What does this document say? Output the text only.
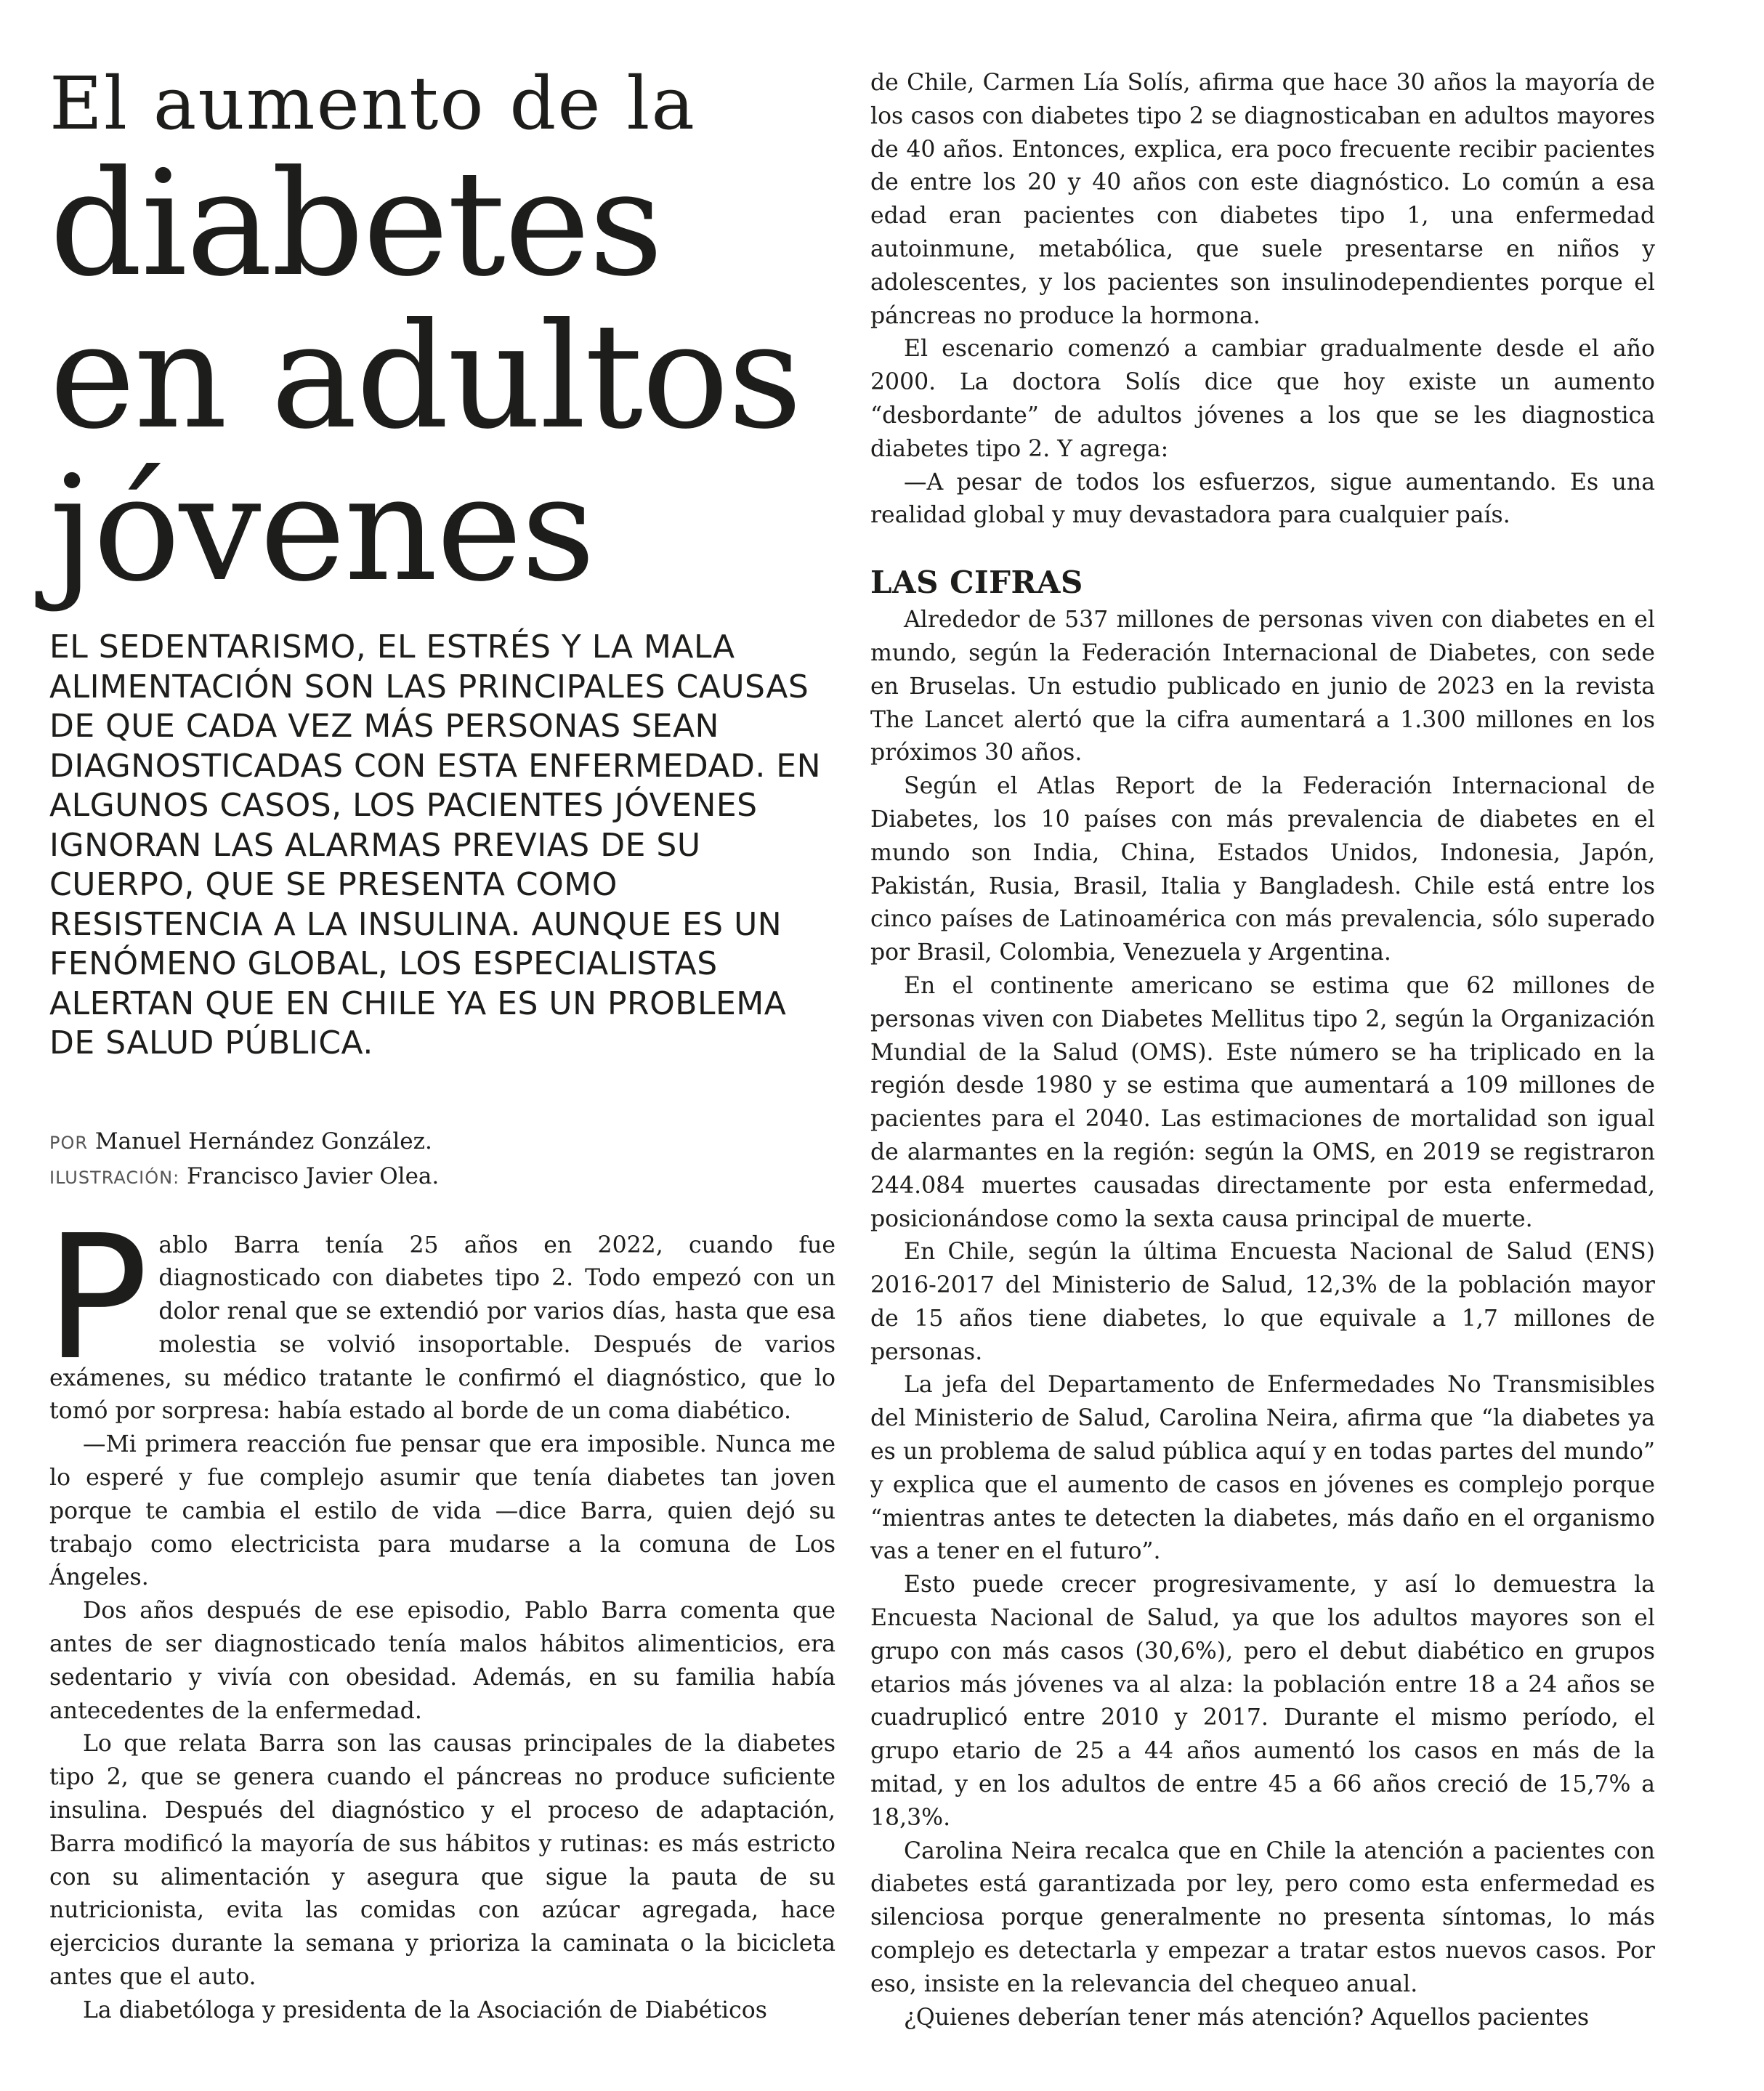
El aumento de la
diabetes
en adultos
jóvenes

EL SEDENTARISMO, EL ESTRÉS Y LA MALA ALIMENTACIÓN SON LAS PRINCIPALES CAUSAS DE QUE CADA VEZ MÁS PERSONAS SEAN DIAGNOSTICADAS CON ESTA ENFERMEDAD. EN ALGUNOS CASOS, LOS PACIENTES JÓVENES IGNORAN LAS ALARMAS PREVIAS DE SU CUERPO, QUE SE PRESENTA COMO RESISTENCIA A LA INSULINA. AUNQUE ES UN FENÓMENO GLOBAL, LOS ESPECIALISTAS ALERTAN QUE EN CHILE YA ES UN PROBLEMA DE SALUD PÚBLICA.

POR Manuel Hernández González.
ILUSTRACIÓN: Francisco Javier Olea.

Pablo Barra tenía 25 años en 2022, cuando fue diagnosticado con diabetes tipo 2. Todo empezó con un dolor renal que se extendió por varios días, hasta que esa molestia se volvió insoportable. Después de varios exámenes, su médico tratante le confirmó el diagnóstico, que lo tomó por sorpresa: había estado al borde de un coma diabético.

—Mi primera reacción fue pensar que era imposible. Nunca me lo esperé y fue complejo asumir que tenía diabetes tan joven porque te cambia el estilo de vida —dice Barra, quien dejó su trabajo como electricista para mudarse a la comuna de Los Ángeles.

Dos años después de ese episodio, Pablo Barra comenta que antes de ser diagnosticado tenía malos hábitos alimenticios, era sedentario y vivía con obesidad. Además, en su familia había antecedentes de la enfermedad.

Lo que relata Barra son las causas principales de la diabetes tipo 2, que se genera cuando el páncreas no produce suficiente insulina. Después del diagnóstico y el proceso de adaptación, Barra modificó la mayoría de sus hábitos y rutinas: es más estricto con su alimentación y asegura que sigue la pauta de su nutricionista, evita las comidas con azúcar agregada, hace ejercicios durante la semana y prioriza la caminata o la bicicleta antes que el auto.

La diabetóloga y presidenta de la Asociación de Diabéticos

de Chile, Carmen Lía Solís, afirma que hace 30 años la mayoría de los casos con diabetes tipo 2 se diagnosticaban en adultos mayores de 40 años. Entonces, explica, era poco frecuente recibir pacientes de entre los 20 y 40 años con este diagnóstico. Lo común a esa edad eran pacientes con diabetes tipo 1, una enfermedad autoinmune, metabólica, que suele presentarse en niños y adolescentes, y los pacientes son insulinodependientes porque el páncreas no produce la hormona.

El escenario comenzó a cambiar gradualmente desde el año 2000. La doctora Solís dice que hoy existe un aumento “desbordante” de adultos jóvenes a los que se les diagnostica diabetes tipo 2. Y agrega:

—A pesar de todos los esfuerzos, sigue aumentando. Es una realidad global y muy devastadora para cualquier país.

LAS CIFRAS

Alrededor de 537 millones de personas viven con diabetes en el mundo, según la Federación Internacional de Diabetes, con sede en Bruselas. Un estudio publicado en junio de 2023 en la revista The Lancet alertó que la cifra aumentará a 1.300 millones en los próximos 30 años.

Según el Atlas Report de la Federación Internacional de Diabetes, los 10 países con más prevalencia de diabetes en el mundo son India, China, Estados Unidos, Indonesia, Japón, Pakistán, Rusia, Brasil, Italia y Bangladesh. Chile está entre los cinco países de Latinoamérica con más prevalencia, sólo superado por Brasil, Colombia, Venezuela y Argentina.

En el continente americano se estima que 62 millones de personas viven con Diabetes Mellitus tipo 2, según la Organización Mundial de la Salud (OMS). Este número se ha triplicado en la región desde 1980 y se estima que aumentará a 109 millones de pacientes para el 2040. Las estimaciones de mortalidad son igual de alarmantes en la región: según la OMS, en 2019 se registraron 244.084 muertes causadas directamente por esta enfermedad, posicionándose como la sexta causa principal de muerte.

En Chile, según la última Encuesta Nacional de Salud (ENS) 2016-2017 del Ministerio de Salud, 12,3% de la población mayor de 15 años tiene diabetes, lo que equivale a 1,7 millones de personas.

La jefa del Departamento de Enfermedades No Transmisibles del Ministerio de Salud, Carolina Neira, afirma que “la diabetes ya es un problema de salud pública aquí y en todas partes del mundo” y explica que el aumento de casos en jóvenes es complejo porque “mientras antes te detecten la diabetes, más daño en el organismo vas a tener en el futuro”.

Esto puede crecer progresivamente, y así lo demuestra la Encuesta Nacional de Salud, ya que los adultos mayores son el grupo con más casos (30,6%), pero el debut diabético en grupos etarios más jóvenes va al alza: la población entre 18 a 24 años se cuadruplicó entre 2010 y 2017. Durante el mismo período, el grupo etario de 25 a 44 años aumentó los casos en más de la mitad, y en los adultos de entre 45 a 66 años creció de 15,7% a 18,3%.

Carolina Neira recalca que en Chile la atención a pacientes con diabetes está garantizada por ley, pero como esta enfermedad es silenciosa porque generalmente no presenta síntomas, lo más complejo es detectarla y empezar a tratar estos nuevos casos. Por eso, insiste en la relevancia del chequeo anual.

¿Quienes deberían tener más atención? Aquellos pacientes
